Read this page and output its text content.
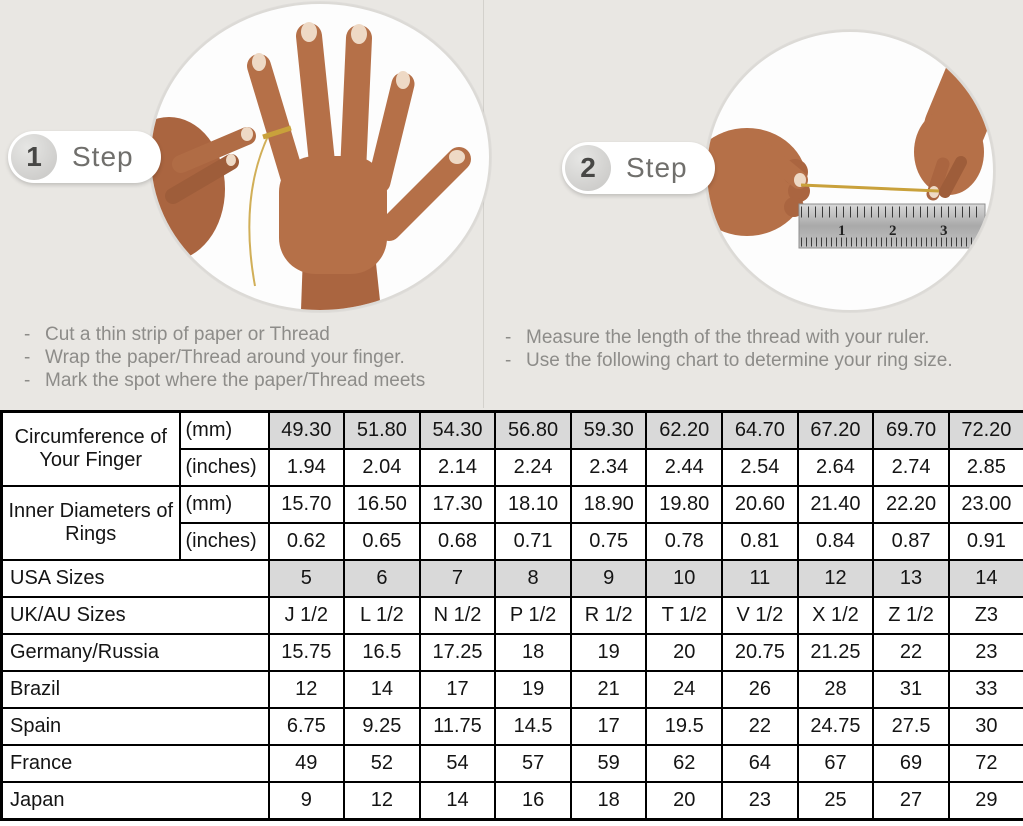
1	2	3
1	Step	2	Step
- Cut a thin strip of paper or Thread
- Wrap the paper/Thread around your finger.
- Mark the spot where the paper/Thread meets
- Measure the length of the thread with your ruler.
- Use the following chart to determine your ring size.
Circumference of Your Finger	(mm)	49.30	51.80	54.30	56.80	59.30	62.20	64.70	67.20	69.70	72.20
	(inches)	1.94	2.04	2.14	2.24	2.34	2.44	2.54	2.64	2.74	2.85
Inner Diameters of Rings	(mm)	15.70	16.50	17.30	18.10	18.90	19.80	20.60	21.40	22.20	23.00
	(inches)	0.62	0.65	0.68	0.71	0.75	0.78	0.81	0.84	0.87	0.91
USA Sizes		5	6	7	8	9	10	11	12	13	14
UK/AU Sizes		J 1/2	L 1/2	N 1/2	P 1/2	R 1/2	T 1/2	V 1/2	X 1/2	Z 1/2	Z3
Germany/Russia		15.75	16.5	17.25	18	19	20	20.75	21.25	22	23
Brazil		12	14	17	19	21	24	26	28	31	33
Spain		6.75	9.25	11.75	14.5	17	19.5	22	24.75	27.5	30
France		49	52	54	57	59	62	64	67	69	72
Japan		9	12	14	16	18	20	23	25	27	29
